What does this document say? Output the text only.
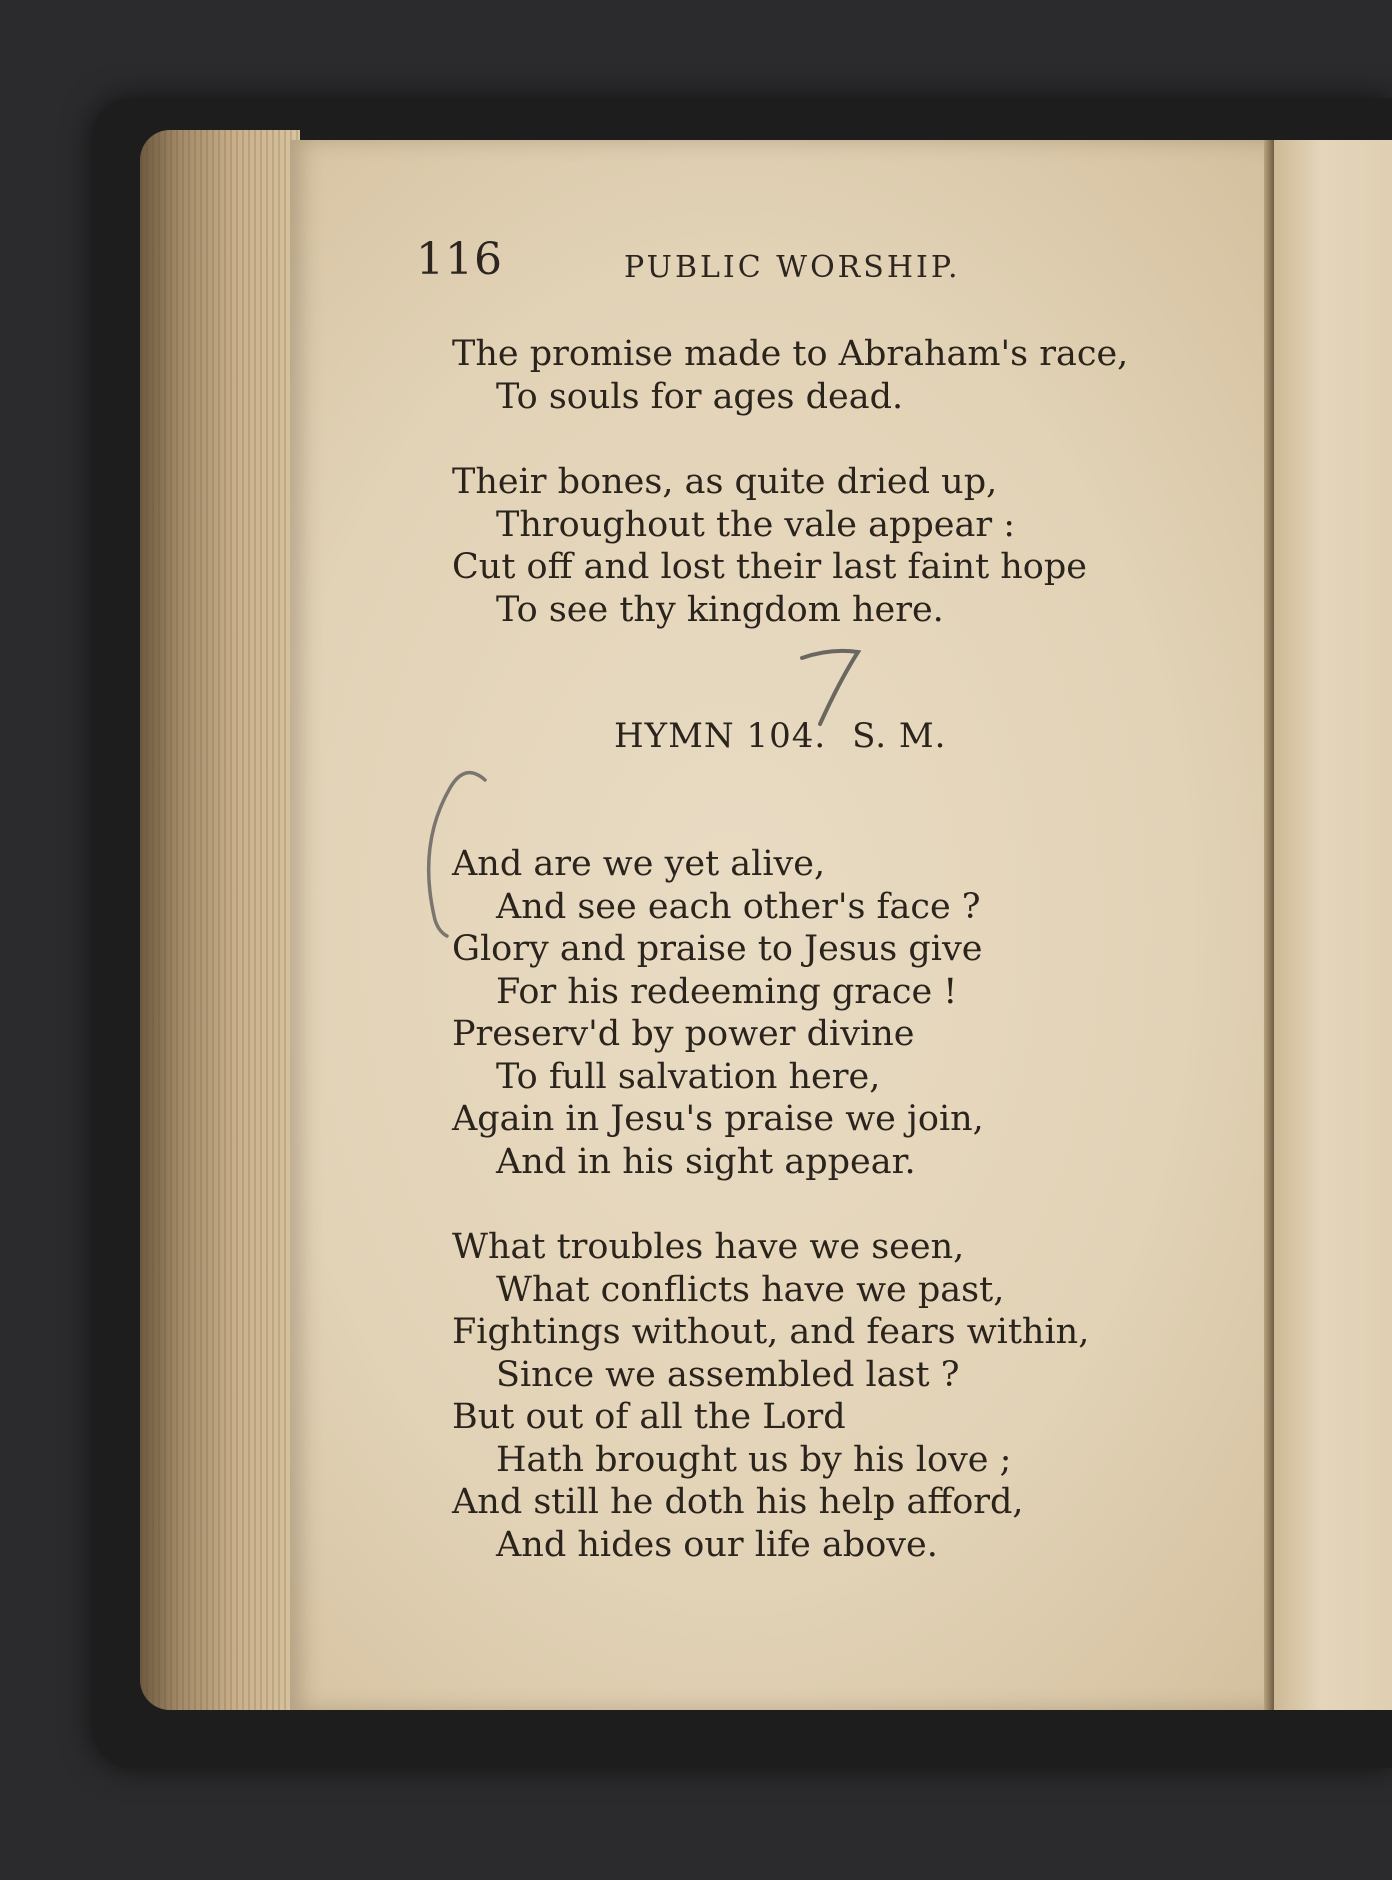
116	PUBLIC WORSHIP.
The promise made to Abraham's race,
To souls for ages dead.
Their bones, as quite dried up,
Throughout the vale appear :
Cut off and lost their last faint hope
To see thy kingdom here.
HYMN 104. S. M.
And are we yet alive,
And see each other's face ?
Glory and praise to Jesus give
For his redeeming grace !
Preserv'd by power divine
To full salvation here,
Again in Jesu's praise we join,
And in his sight appear.
What troubles have we seen,
What conflicts have we past,
Fightings without, and fears within,
Since we assembled last ?
But out of all the Lord
Hath brought us by his love ;
And still he doth his help afford,
And hides our life above.
